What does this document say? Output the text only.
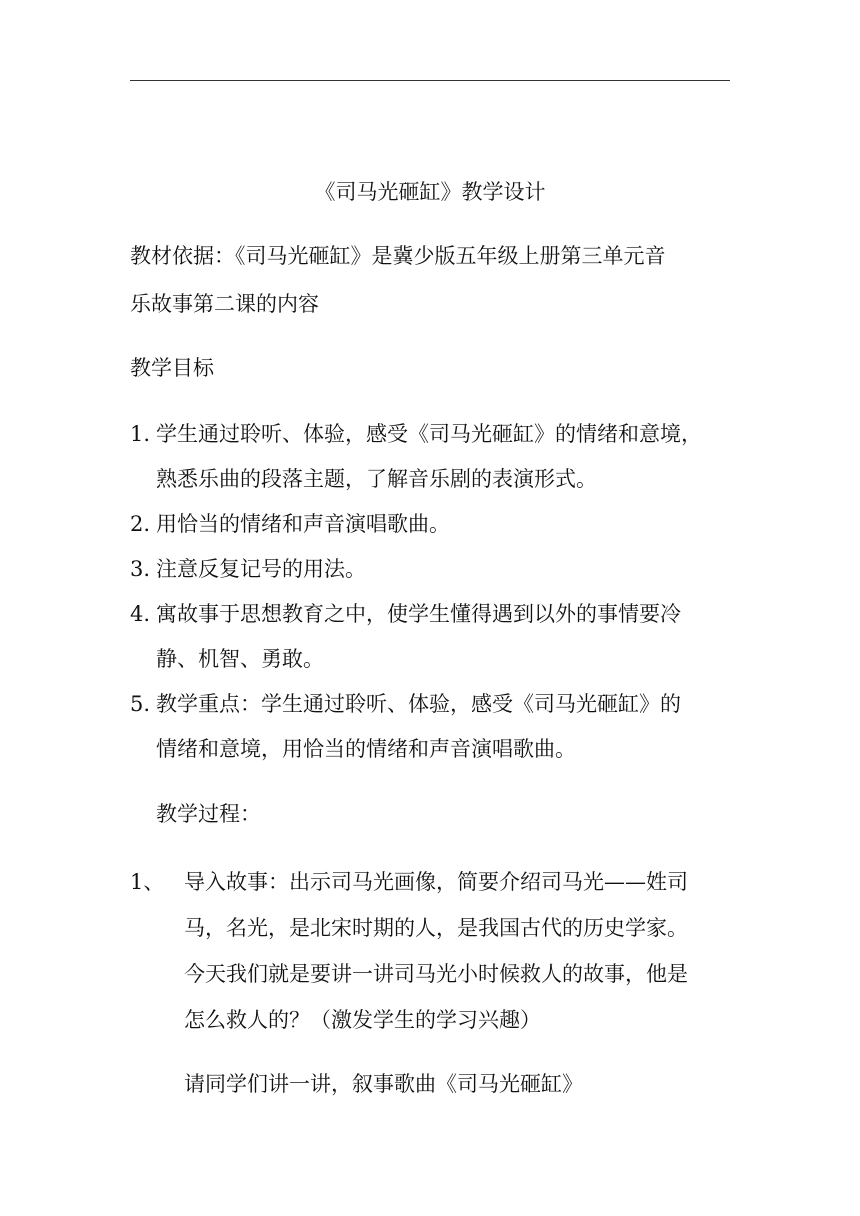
《司马光砸缸》教学设计
教材依据：《司马光砸缸》是冀少版五年级上册第三单元音
乐故事第二课的内容
教学目标
1. 学生通过聆听、体验，感受《司马光砸缸》的情绪和意境，
熟悉乐曲的段落主题，了解音乐剧的表演形式。
2. 用恰当的情绪和声音演唱歌曲。
3. 注意反复记号的用法。
4. 寓故事于思想教育之中，使学生懂得遇到以外的事情要冷
静、机智、勇敢。
5. 教学重点：学生通过聆听、体验，感受《司马光砸缸》的
情绪和意境，用恰当的情绪和声音演唱歌曲。
教学过程：
1、 导入故事：出示司马光画像，简要介绍司马光——姓司
马，名光，是北宋时期的人，是我国古代的历史学家。
今天我们就是要讲一讲司马光小时候救人的故事，他是
怎么救人的？（激发学生的学习兴趣）
请同学们讲一讲，叙事歌曲《司马光砸缸》
